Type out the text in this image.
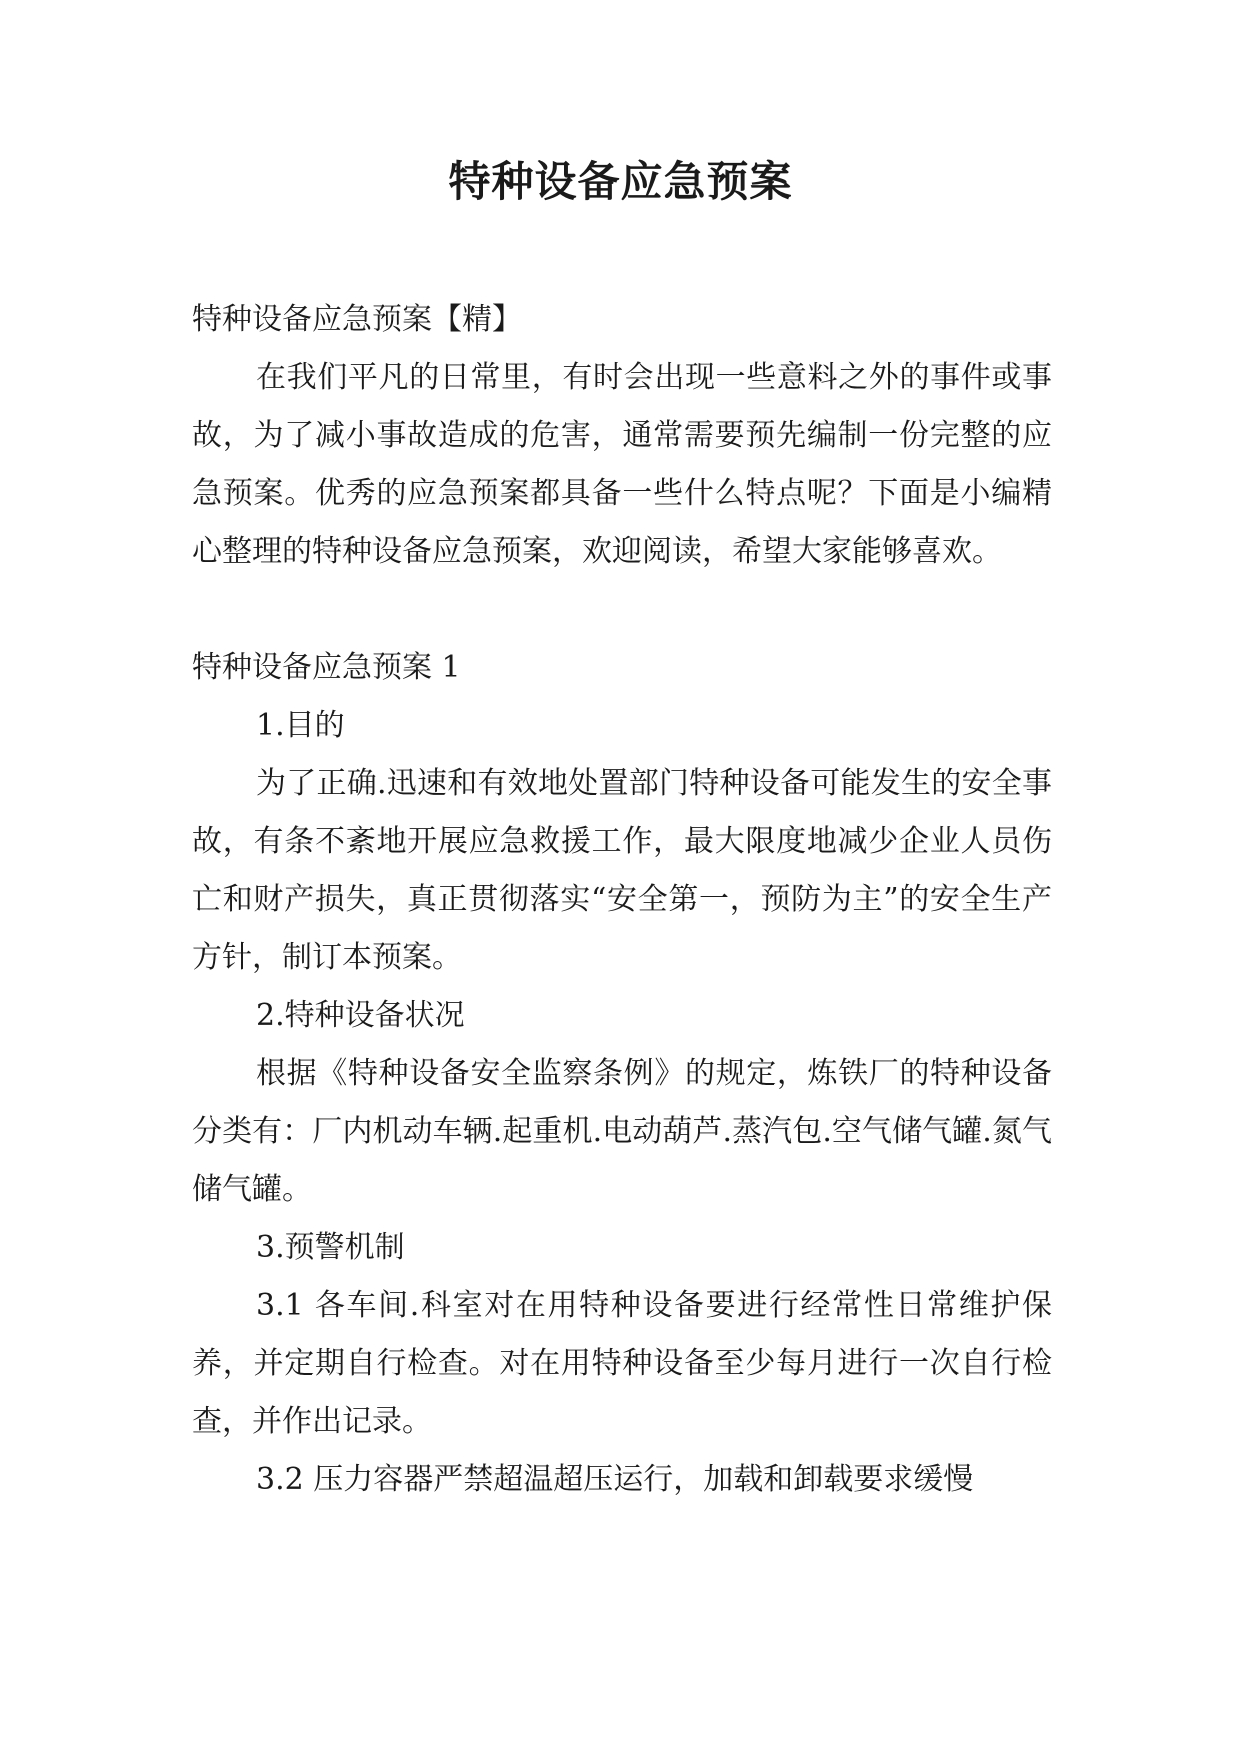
特种设备应急预案

特种设备应急预案【精】

在我们平凡的日常里，有时会出现一些意料之外的事件或事故，为了减小事故造成的危害，通常需要预先编制一份完整的应急预案。优秀的应急预案都具备一些什么特点呢？下面是小编精心整理的特种设备应急预案，欢迎阅读，希望大家能够喜欢。

特种设备应急预案 1

1.目的

为了正确.迅速和有效地处置部门特种设备可能发生的安全事故，有条不紊地开展应急救援工作，最大限度地减少企业人员伤亡和财产损失，真正贯彻落实“安全第一，预防为主”的安全生产方针，制订本预案。

2.特种设备状况

根据《特种设备安全监察条例》的规定，炼铁厂的特种设备分类有：厂内机动车辆.起重机.电动葫芦.蒸汽包.空气储气罐.氮气储气罐。

3.预警机制

3.1 各车间.科室对在用特种设备要进行经常性日常维护保养，并定期自行检查。对在用特种设备至少每月进行一次自行检查，并作出记录。

3.2 压力容器严禁超温超压运行，加载和卸载要求缓慢
